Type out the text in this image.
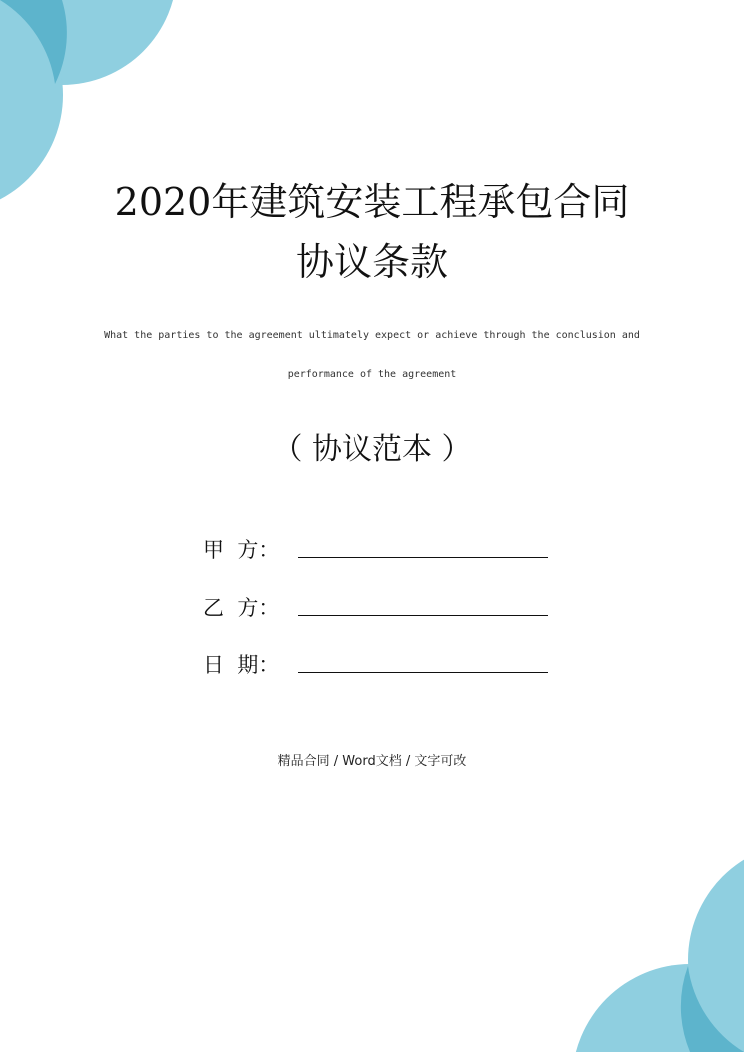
2020年建筑安装工程承包合同
协议条款
What the parties to the agreement ultimately expect or achieve through the conclusion and
performance of the agreement
（ 协议范本 ）
甲  方：
乙  方：
日  期：
精品合同 / Word文档 / 文字可改
